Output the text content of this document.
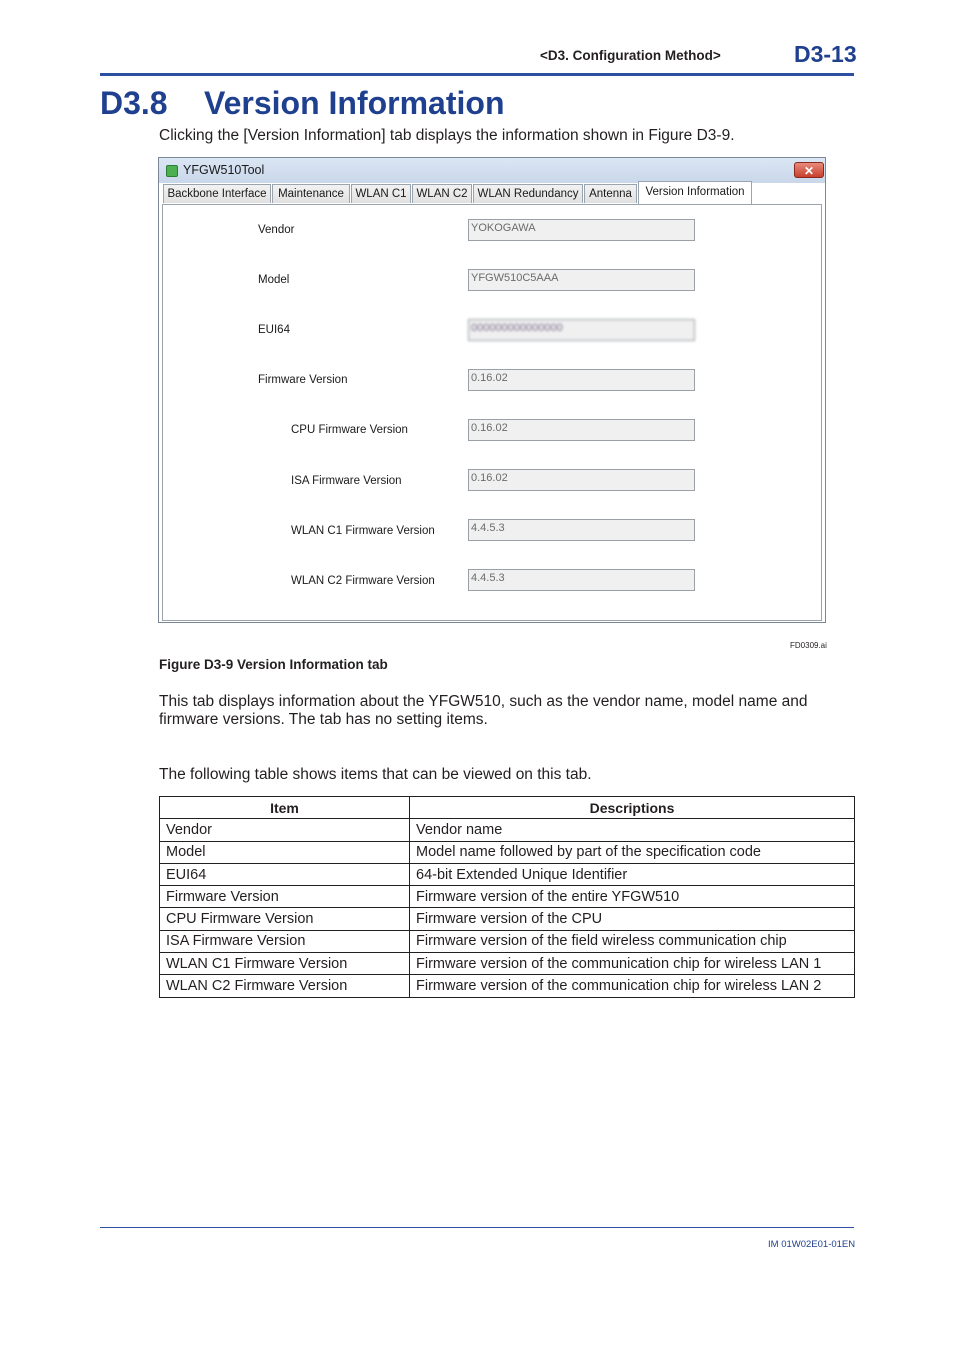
<D3. Configuration Method>	D3-13
D3.8 Version Information
Clicking the [Version Information] tab displays the information shown in Figure D3-9.
YFGW510Tool	✕
Backbone Interface	Maintenance	WLAN C1 WLAN C2 WLAN Redundancy Antenna	Version Information
Vendor	YOKOGAWA
Model	YFGW510C5AAA
EUI64	000000000000000
Firmware Version	0.16.02
CPU Firmware Version	0.16.02
ISA Firmware Version	0.16.02
WLAN C1 Firmware Version	4.4.5.3
WLAN C2 Firmware Version	4.4.5.3
FD0309.ai
Figure D3-9 Version Information tab
This tab displays information about the YFGW510, such as the vendor name, model name and
firmware versions. The tab has no setting items.
The following table shows items that can be viewed on this tab.
Item	Descriptions
Vendor	Vendor name
Model	Model name followed by part of the specification code
EUI64	64-bit Extended Unique Identifier
Firmware Version	Firmware version of the entire YFGW510
CPU Firmware Version	Firmware version of the CPU
ISA Firmware Version	Firmware version of the field wireless communication chip
WLAN C1 Firmware Version	Firmware version of the communication chip for wireless LAN 1
WLAN C2 Firmware Version	Firmware version of the communication chip for wireless LAN 2
IM 01W02E01-01EN
